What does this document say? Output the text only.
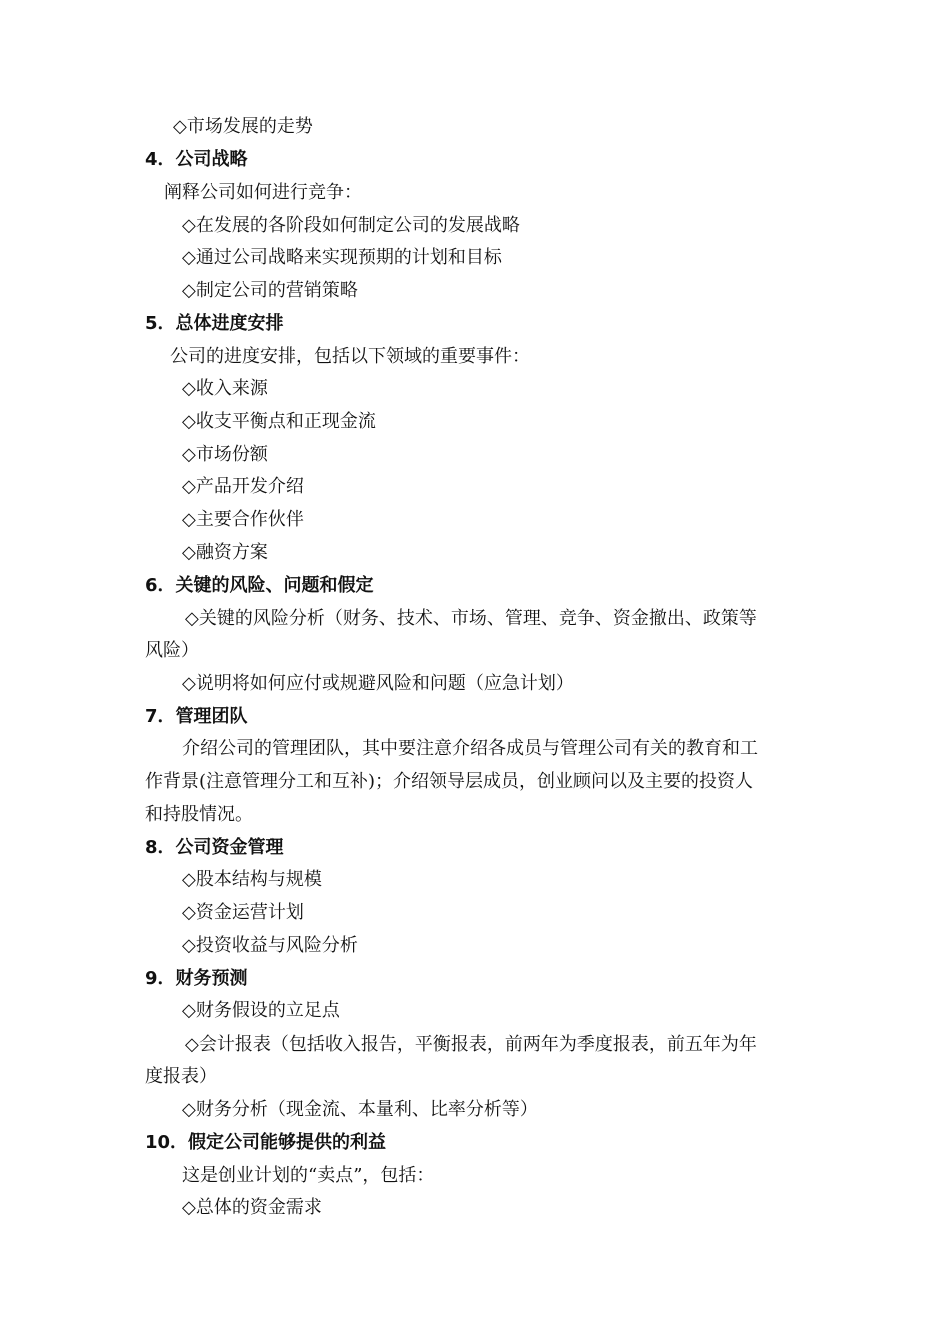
◇市场发展的走势
4．公司战略
阐释公司如何进行竞争：
◇在发展的各阶段如何制定公司的发展战略
◇通过公司战略来实现预期的计划和目标
◇制定公司的营销策略
5．总体进度安排
公司的进度安排，包括以下领域的重要事件：
◇收入来源
◇收支平衡点和正现金流
◇市场份额
◇产品开发介绍
◇主要合作伙伴
◇融资方案
6．关键的风险、问题和假定
◇关键的风险分析（财务、技术、市场、管理、竞争、资金撤出、政策等
风险）
◇说明将如何应付或规避风险和问题（应急计划）
7．管理团队
介绍公司的管理团队，其中要注意介绍各成员与管理公司有关的教育和工
作背景(注意管理分工和互补)；介绍领导层成员，创业顾问以及主要的投资人
和持股情况。
8．公司资金管理
◇股本结构与规模
◇资金运营计划
◇投资收益与风险分析
9．财务预测
◇财务假设的立足点
◇会计报表（包括收入报告，平衡报表，前两年为季度报表，前五年为年
度报表）
◇财务分析（现金流、本量利、比率分析等）
10．假定公司能够提供的利益
这是创业计划的“卖点”，包括：
◇总体的资金需求
